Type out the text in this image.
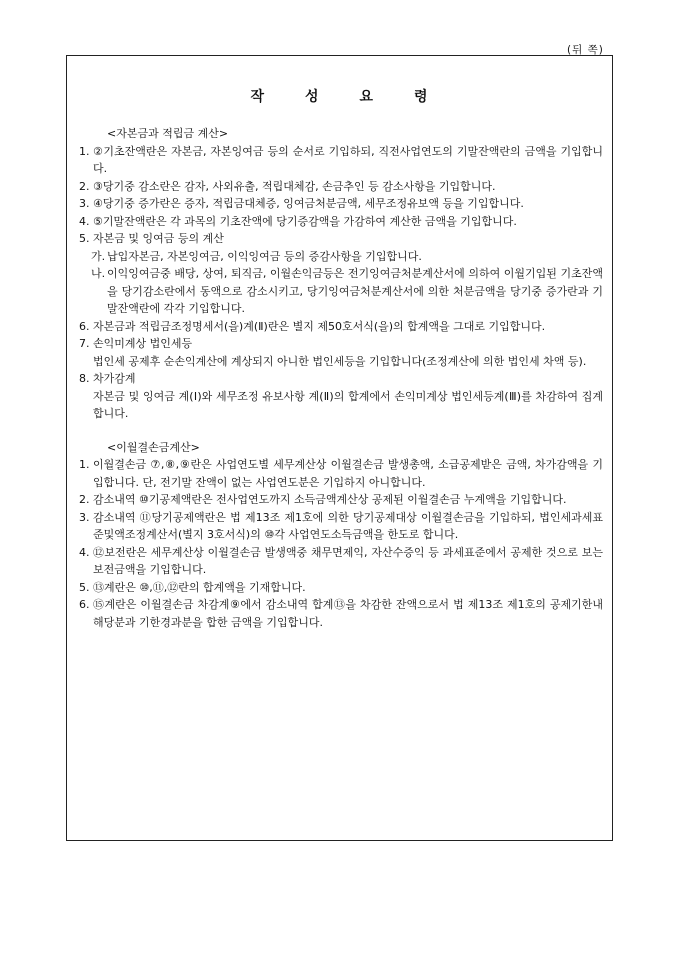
(뒤 쪽)
작	성	요	령
<자본금과 적립금 계산>
1. ②기초잔액란은 자본금, 자본잉여금 등의 순서로 기입하되, 직전사업연도의 기말잔액란의 금액을 기입합니다.
2. ③당기중 감소란은 감자, 사외유출, 적립대체감, 손금추인 등 감소사항을 기입합니다.
3. ④당기중 증가란은 증자, 적립금대체증, 잉여금처분금액, 세무조정유보액 등을 기입합니다.
4. ⑤기말잔액란은 각 과목의 기초잔액에 당기증감액을 가감하여 계산한 금액을 기입합니다.
5. 자본금 및 잉여금 등의 계산
가. 납입자본금, 자본잉여금, 이익잉여금 등의 증감사항을 기입합니다.
나. 이익잉여금중 배당, 상여, 퇴직금, 이월손익금등은 전기잉여금처분계산서에 의하여 이월기입된 기초잔액을 당기감소란에서 동액으로 감소시키고, 당기잉여금처분계산서에 의한 처분금액을 당기중 증가란과 기말잔액란에 각각 기입합니다.
6. 자본금과 적립금조정명세서(을)계(Ⅱ)란은 별지 제50호서식(을)의 합계액을 그대로 기입합니다.
7. 손익미계상 법인세등
법인세 공제후 순손익계산에 계상되지 아니한 법인세등을 기입합니다(조정계산에 의한 법인세 차액 등).
8. 차가감계
자본금 및 잉여금 계(Ⅰ)와 세무조정 유보사항 계(Ⅱ)의 합계에서 손익미계상 법인세등계(Ⅲ)를 차감하여 집계합니다.
<이월결손금계산>
1. 이월결손금 ⑦,⑧,⑨란은 사업연도별 세무계산상 이월결손금 발생총액, 소급공제받은 금액, 차가감액을 기입합니다. 단, 전기말 잔액이 없는 사업연도분은 기입하지 아니합니다.
2. 감소내역 ⑩기공제액란은 전사업연도까지 소득금액계산상 공제된 이월결손금 누계액을 기입합니다.
3. 감소내역 ⑪당기공제액란은 법 제13조 제1호에 의한 당기공제대상 이월결손금을 기입하되, 법인세과세표준및액조정계산서(별지 3호서식)의 ⑩각 사업연도소득금액을 한도로 합니다.
4. ⑫보전란은 세무계산상 이월결손금 발생액중 채무면제익, 자산수증익 등 과세표준에서 공제한 것으로 보는 보전금액을 기입합니다.
5. ⑬계란은 ⑩,⑪,⑫란의 합계액을 기재합니다.
6. ⑮계란은 이월결손금 차감계⑨에서 감소내역 합계⑬을 차감한 잔액으로서 법 제13조 제1호의 공제기한내 해당분과 기한경과분을 합한 금액을 기입합니다.
